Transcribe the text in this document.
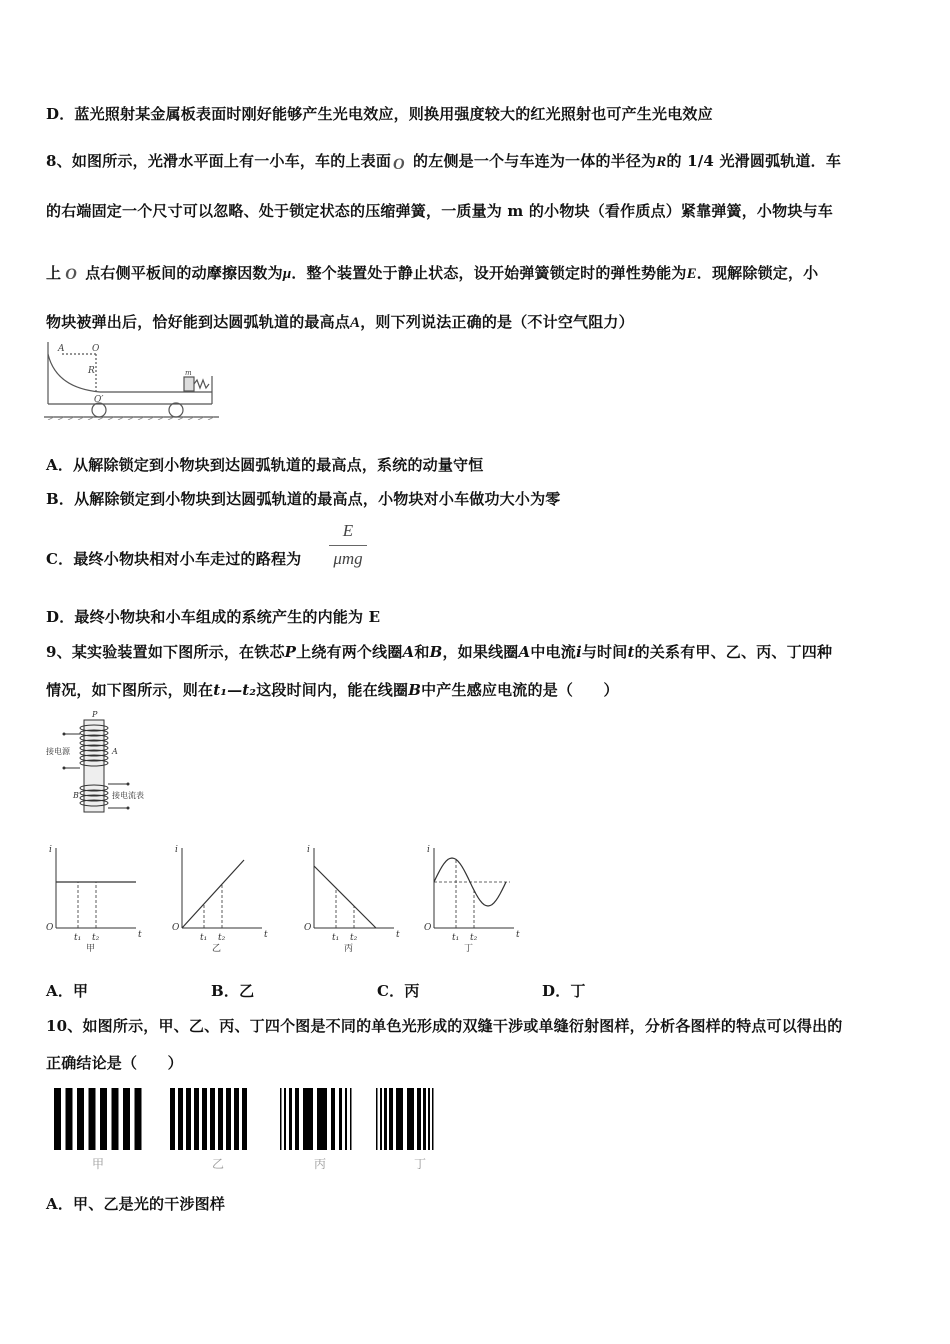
D．蓝光照射某金属板表面时刚好能够产生光电效应，则换用强度较大的红光照射也可产生光电效应
8、如图所示，光滑水平面上有一小车，车的上表面 O 的左侧是一个与车连为一体的半径为R的 1/4 光滑圆弧轨道．车
的右端固定一个尺寸可以忽略、处于锁定状态的压缩弹簧，一质量为 m 的小物块（看作质点）紧靠弹簧，小物块与车
上 O 点右侧平板间的动摩擦因数为μ．整个装置处于静止状态，设开始弹簧锁定时的弹性势能为E．现解除锁定，小
物块被弹出后，恰好能到达圆弧轨道的最高点A，则下列说法正确的是（不计空气阻力）
A	O
R
O′
m
A．从解除锁定到小物块到达圆弧轨道的最高点，系统的动量守恒
B．从解除锁定到小物块到达圆弧轨道的最高点，小物块对小车做功大小为零
C．最终小物块相对小车走过的路程为
E
μmg
D．最终小物块和小车组成的系统产生的内能为 E
9、某实验装置如下图所示，在铁芯P上绕有两个线圈A和B，如果线圈A中电流i与时间t的关系有甲、乙、丙、丁四种
情况，如下图所示，则在t₁—t₂这段时间内，能在线圈B中产生感应电流的是（　　）
P
A
B
接电源
接电流表
i
t
O
t₁ t₂
甲
i
t
O
t₁ t₂
乙
i
t
O
t₁ t₂
丙
i
t
O
t₁ t₂
丁
A．甲	B．乙	C．丙	D．丁
10、如图所示，甲、乙、丙、丁四个图是不同的单色光形成的双缝干涉或单缝衍射图样，分析各图样的特点可以得出的
正确结论是（　　）
甲	乙	丙	丁
A．甲、乙是光的干涉图样
